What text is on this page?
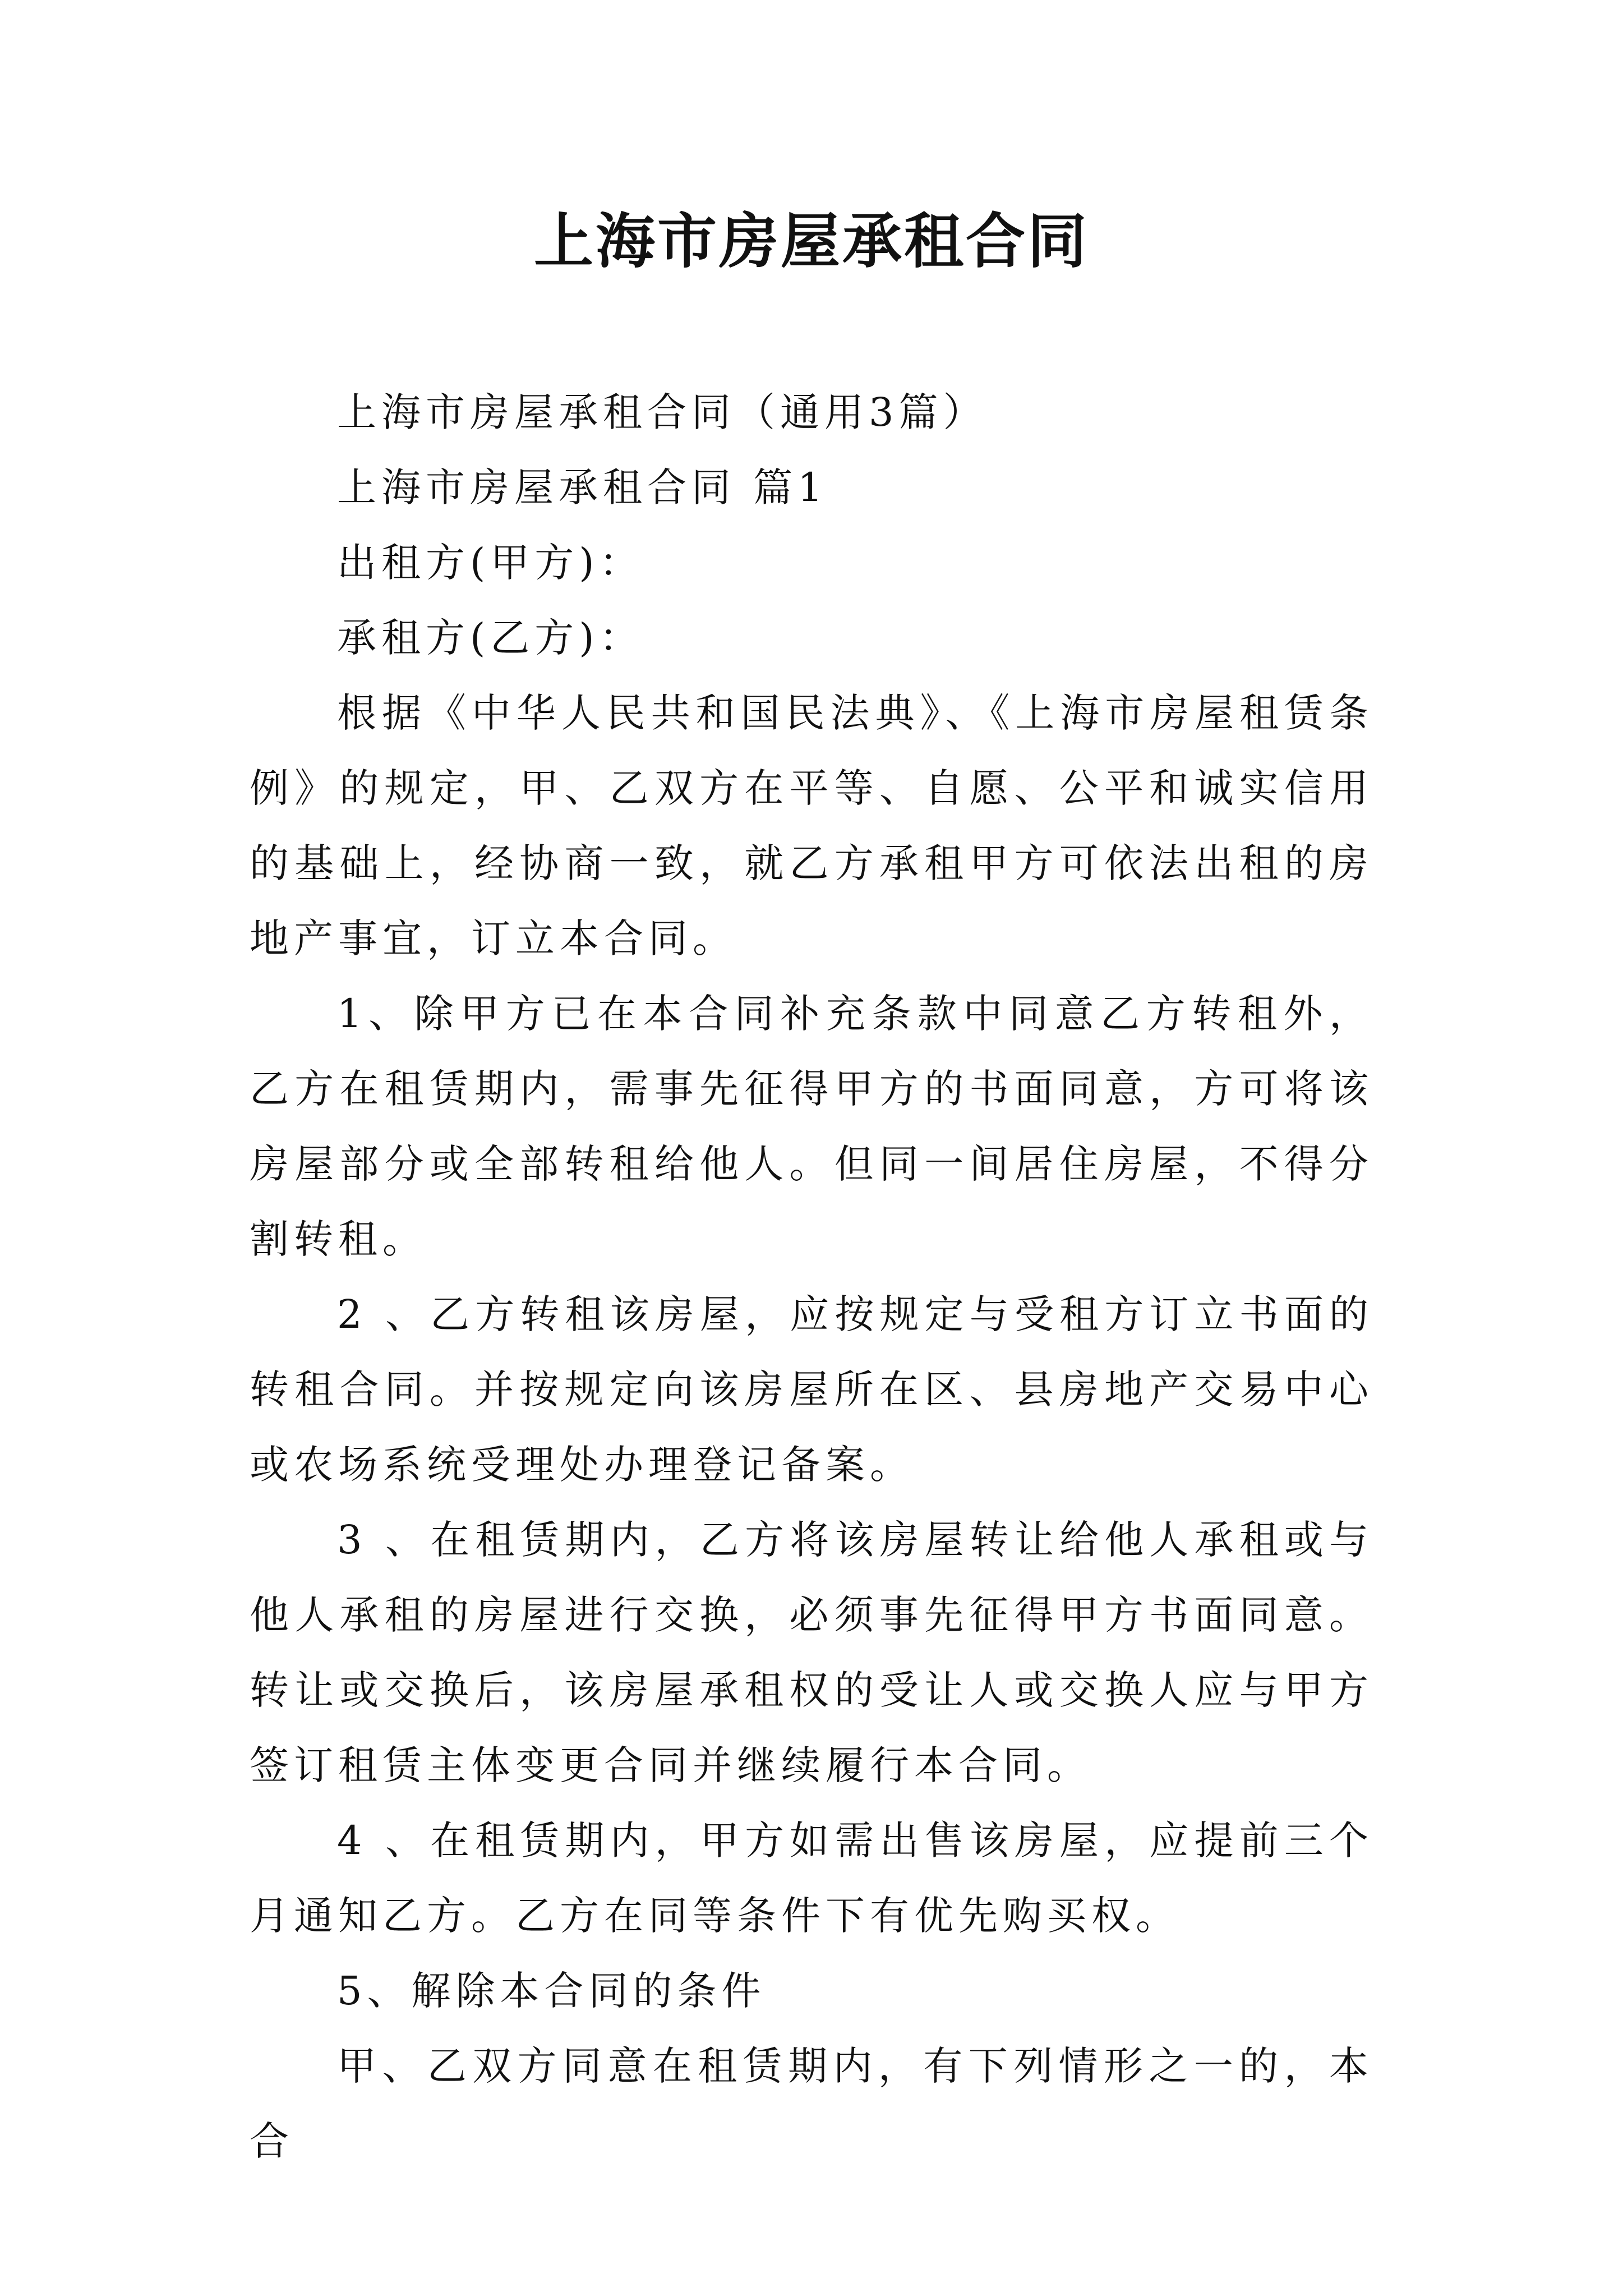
上海市房屋承租合同

上海市房屋承租合同（通用3篇）

上海市房屋承租合同 篇1

出租方(甲方)：

承租方(乙方)：

根据《中华人民共和国民法典》、《上海市房屋租赁条例》的规定，甲、乙双方在平等、自愿、公平和诚实信用的基础上，经协商一致，就乙方承租甲方可依法出租的房地产事宜，订立本合同。

1、除甲方已在本合同补充条款中同意乙方转租外，乙方在租赁期内，需事先征得甲方的书面同意，方可将该房屋部分或全部转租给他人。但同一间居住房屋，不得分割转租。

2 、乙方转租该房屋，应按规定与受租方订立书面的转租合同。并按规定向该房屋所在区、县房地产交易中心或农场系统受理处办理登记备案。

3 、在租赁期内，乙方将该房屋转让给他人承租或与他人承租的房屋进行交换，必须事先征得甲方书面同意。转让或交换后，该房屋承租权的受让人或交换人应与甲方签订租赁主体变更合同并继续履行本合同。

4 、在租赁期内，甲方如需出售该房屋，应提前三个月通知乙方。乙方在同等条件下有优先购买权。

5、解除本合同的条件

甲、乙双方同意在租赁期内，有下列情形之一的，本合
